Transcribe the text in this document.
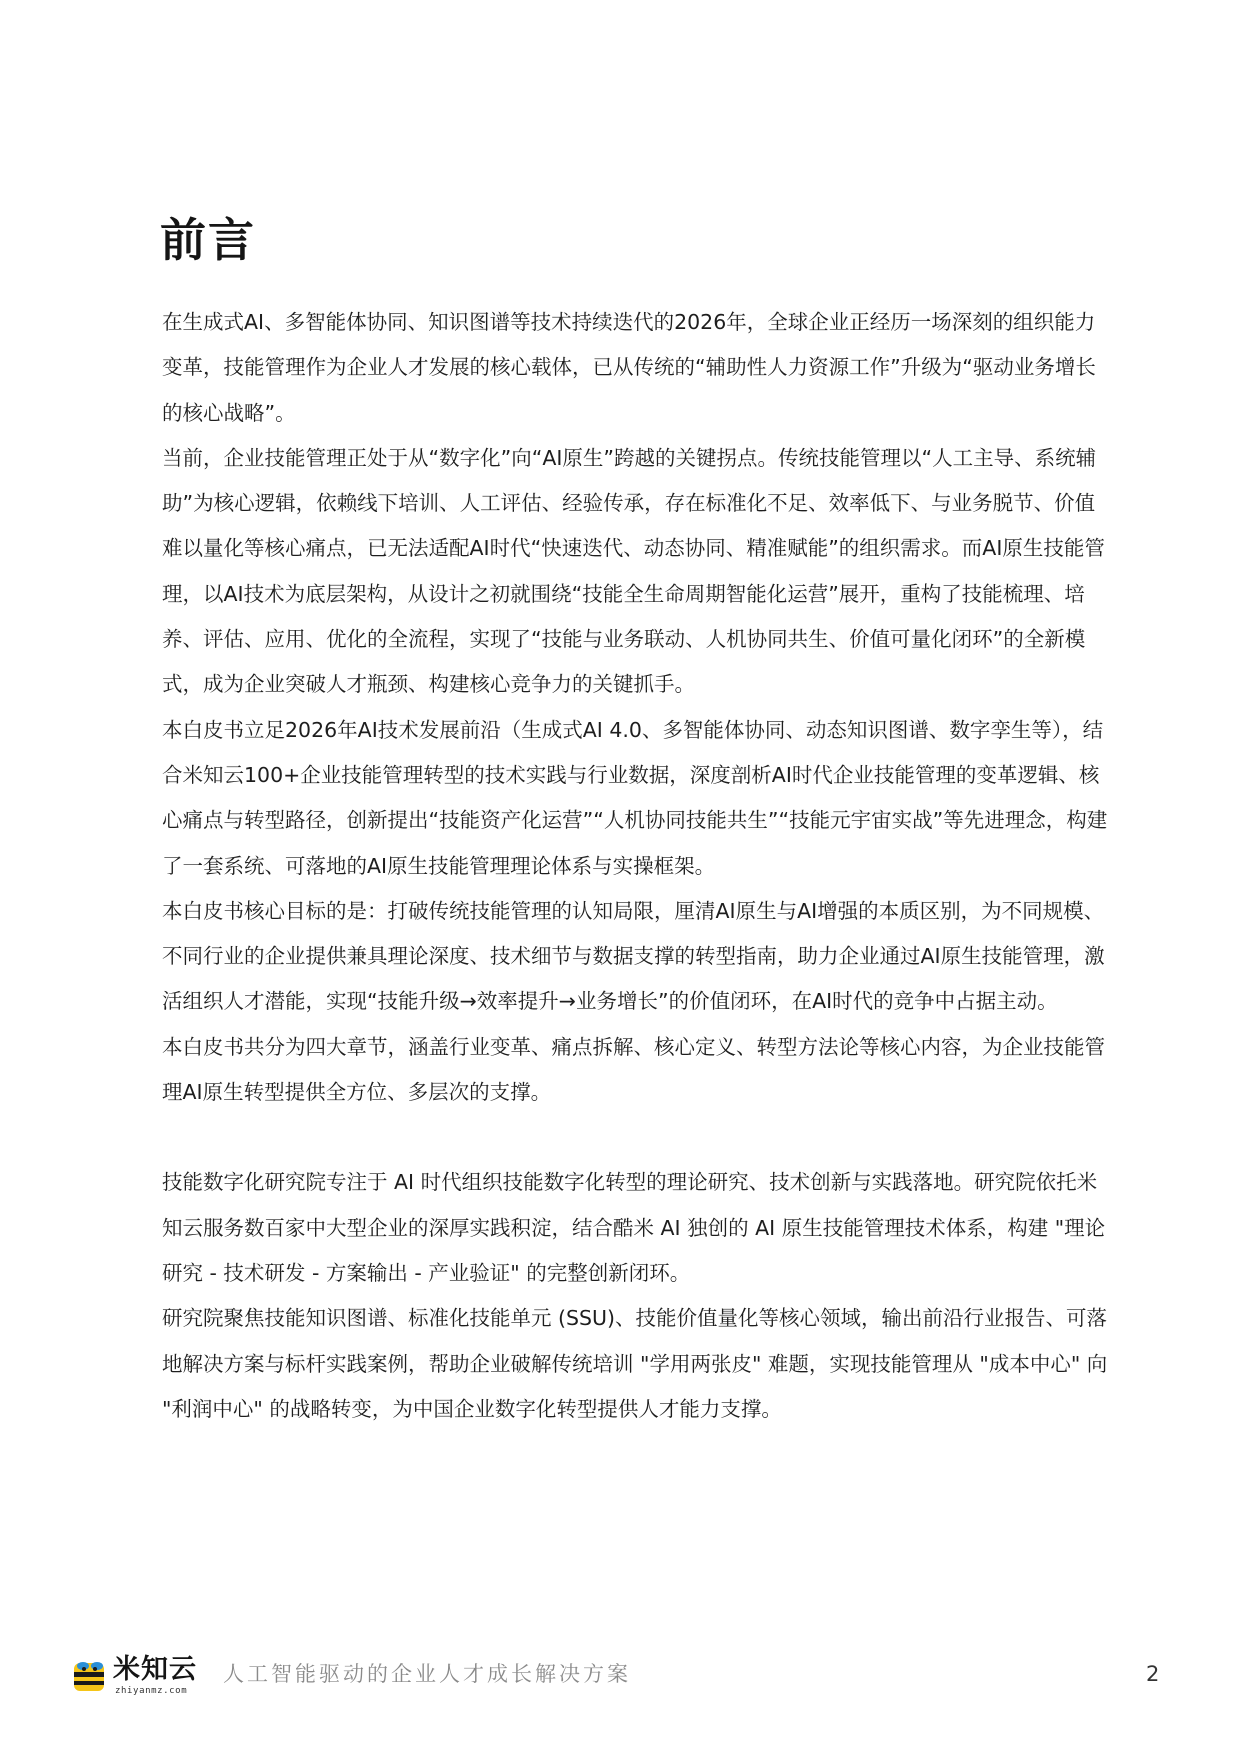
前言

在生成式AI、多智能体协同、知识图谱等技术持续迭代的2026年，全球企业正经历一场深刻的组织能力变革，技能管理作为企业人才发展的核心载体，已从传统的“辅助性人力资源工作”升级为“驱动业务增长的核心战略”。

当前，企业技能管理正处于从“数字化”向“AI原生”跨越的关键拐点。传统技能管理以“人工主导、系统辅助”为核心逻辑，依赖线下培训、人工评估、经验传承，存在标准化不足、效率低下、与业务脱节、价值难以量化等核心痛点，已无法适配AI时代“快速迭代、动态协同、精准赋能”的组织需求。而AI原生技能管理，以AI技术为底层架构，从设计之初就围绕“技能全生命周期智能化运营”展开，重构了技能梳理、培养、评估、应用、优化的全流程，实现了“技能与业务联动、人机协同共生、价值可量化闭环”的全新模式，成为企业突破人才瓶颈、构建核心竞争力的关键抓手。

本白皮书立足2026年AI技术发展前沿（生成式AI 4.0、多智能体协同、动态知识图谱、数字孪生等），结合米知云100+企业技能管理转型的技术实践与行业数据，深度剖析AI时代企业技能管理的变革逻辑、核心痛点与转型路径，创新提出“技能资产化运营”“人机协同技能共生”“技能元宇宙实战”等先进理念，构建了一套系统、可落地的AI原生技能管理理论体系与实操框架。

本白皮书核心目标的是：打破传统技能管理的认知局限，厘清AI原生与AI增强的本质区别，为不同规模、不同行业的企业提供兼具理论深度、技术细节与数据支撑的转型指南，助力企业通过AI原生技能管理，激活组织人才潜能，实现“技能升级→效率提升→业务增长”的价值闭环，在AI时代的竞争中占据主动。

本白皮书共分为四大章节，涵盖行业变革、痛点拆解、核心定义、转型方法论等核心内容，为企业技能管理AI原生转型提供全方位、多层次的支撑。

技能数字化研究院专注于 AI 时代组织技能数字化转型的理论研究、技术创新与实践落地。研究院依托米知云服务数百家中大型企业的深厚实践积淀，结合酷米 AI 独创的 AI 原生技能管理技术体系，构建 "理论研究 - 技术研发 - 方案输出 - 产业验证" 的完整创新闭环。

研究院聚焦技能知识图谱、标准化技能单元 (SSU)、技能价值量化等核心领域，输出前沿行业报告、可落地解决方案与标杆实践案例，帮助企业破解传统培训 "学用两张皮" 难题，实现技能管理从 "成本中心" 向 "利润中心" 的战略转变，为中国企业数字化转型提供人才能力支撑。

米知云
zhiyanmz.com
人工智能驱动的企业人才成长解决方案	2
